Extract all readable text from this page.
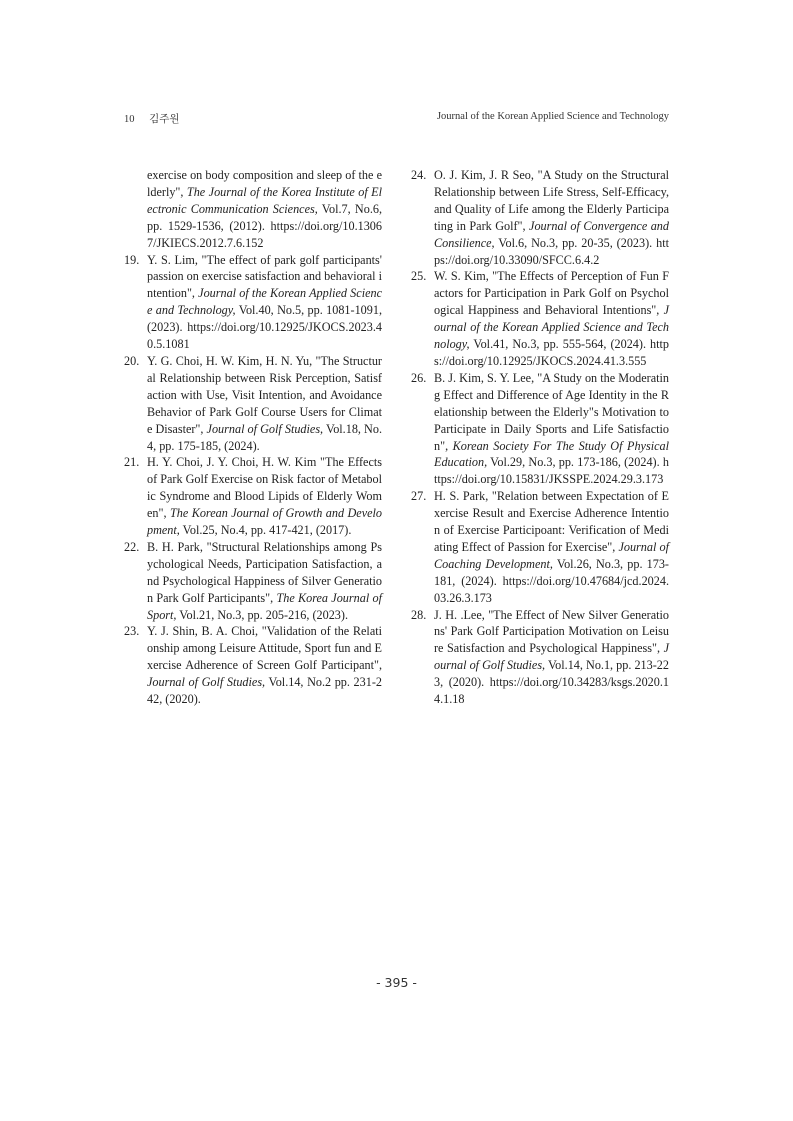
10 김주원	Journal of the Korean Applied Science and Technology
exercise on body composition and sleep of the elderly", The Journal of the Korea Institute of Electronic Communication Sciences, Vol.7, No.6, pp. 1529-1536, (2012). https://doi.org/10.13067/JKIECS.2012.7.6.152
19. Y. S. Lim, "The effect of park golf participants' passion on exercise satisfaction and behavioral intention", Journal of the Korean Applied Science and Technology, Vol.40, No.5, pp. 1081-1091, (2023). https://doi.org/10.12925/JKOCS.2023.40.5.1081
20. Y. G. Choi, H. W. Kim, H. N. Yu, "The Structural Relationship between Risk Perception, Satisfaction with Use, Visit Intention, and Avoidance Behavior of Park Golf Course Users for Climate Disaster", Journal of Golf Studies, Vol.18, No.4, pp. 175-185, (2024).
21. H. Y. Choi, J. Y. Choi, H. W. Kim "The Effects of Park Golf Exercise on Risk factor of Metabolic Syndrome and Blood Lipids of Elderly Women", The Korean Journal of Growth and Development, Vol.25, No.4, pp. 417-421, (2017).
22. B. H. Park, "Structural Relationships among Psychological Needs, Participation Satisfaction, and Psychological Happiness of Silver Generation Park Golf Participants", The Korea Journal of Sport, Vol.21, No.3, pp. 205-216, (2023).
23. Y. J. Shin, B. A. Choi, "Validation of the Relationship among Leisure Attitude, Sport fun and Exercise Adherence of Screen Golf Participant", Journal of Golf Studies, Vol.14, No.2 pp. 231-242, (2020).
24. O. J. Kim, J. R Seo, "A Study on the Structural Relationship between Life Stress, Self-Efficacy, and Quality of Life among the Elderly Participating in Park Golf", Journal of Convergence and Consilience, Vol.6, No.3, pp. 20-35, (2023). https://doi.org/10.33090/SFCC.6.4.2
25. W. S. Kim, "The Effects of Perception of Fun Factors for Participation in Park Golf on Psychological Happiness and Behavioral Intentions", Journal of the Korean Applied Science and Technology, Vol.41, No.3, pp. 555-564, (2024). https://doi.org/10.12925/JKOCS.2024.41.3.555
26. B. J. Kim, S. Y. Lee, "A Study on the Moderating Effect and Difference of Age Identity in the Relationship between the Elderly"s Motivation to Participate in Daily Sports and Life Satisfaction", Korean Society For The Study Of Physical Education, Vol.29, No.3, pp. 173-186, (2024). https://doi.org/10.15831/JKSSPE.2024.29.3.173
27. H. S. Park, "Relation between Expectation of Exercise Result and Exercise Adherence Intention of Exercise Participoant: Verification of Mediating Effect of Passion for Exercise", Journal of Coaching Development, Vol.26, No.3, pp. 173-181, (2024). https://doi.org/10.47684/jcd.2024.03.26.3.173
28. J. H. .Lee, "The Effect of New Silver Generations' Park Golf Participation Motivation on Leisure Satisfaction and Psychological Happiness", Journal of Golf Studies, Vol.14, No.1, pp. 213-223, (2020). https://doi.org/10.34283/ksgs.2020.14.1.18
- 395 -
